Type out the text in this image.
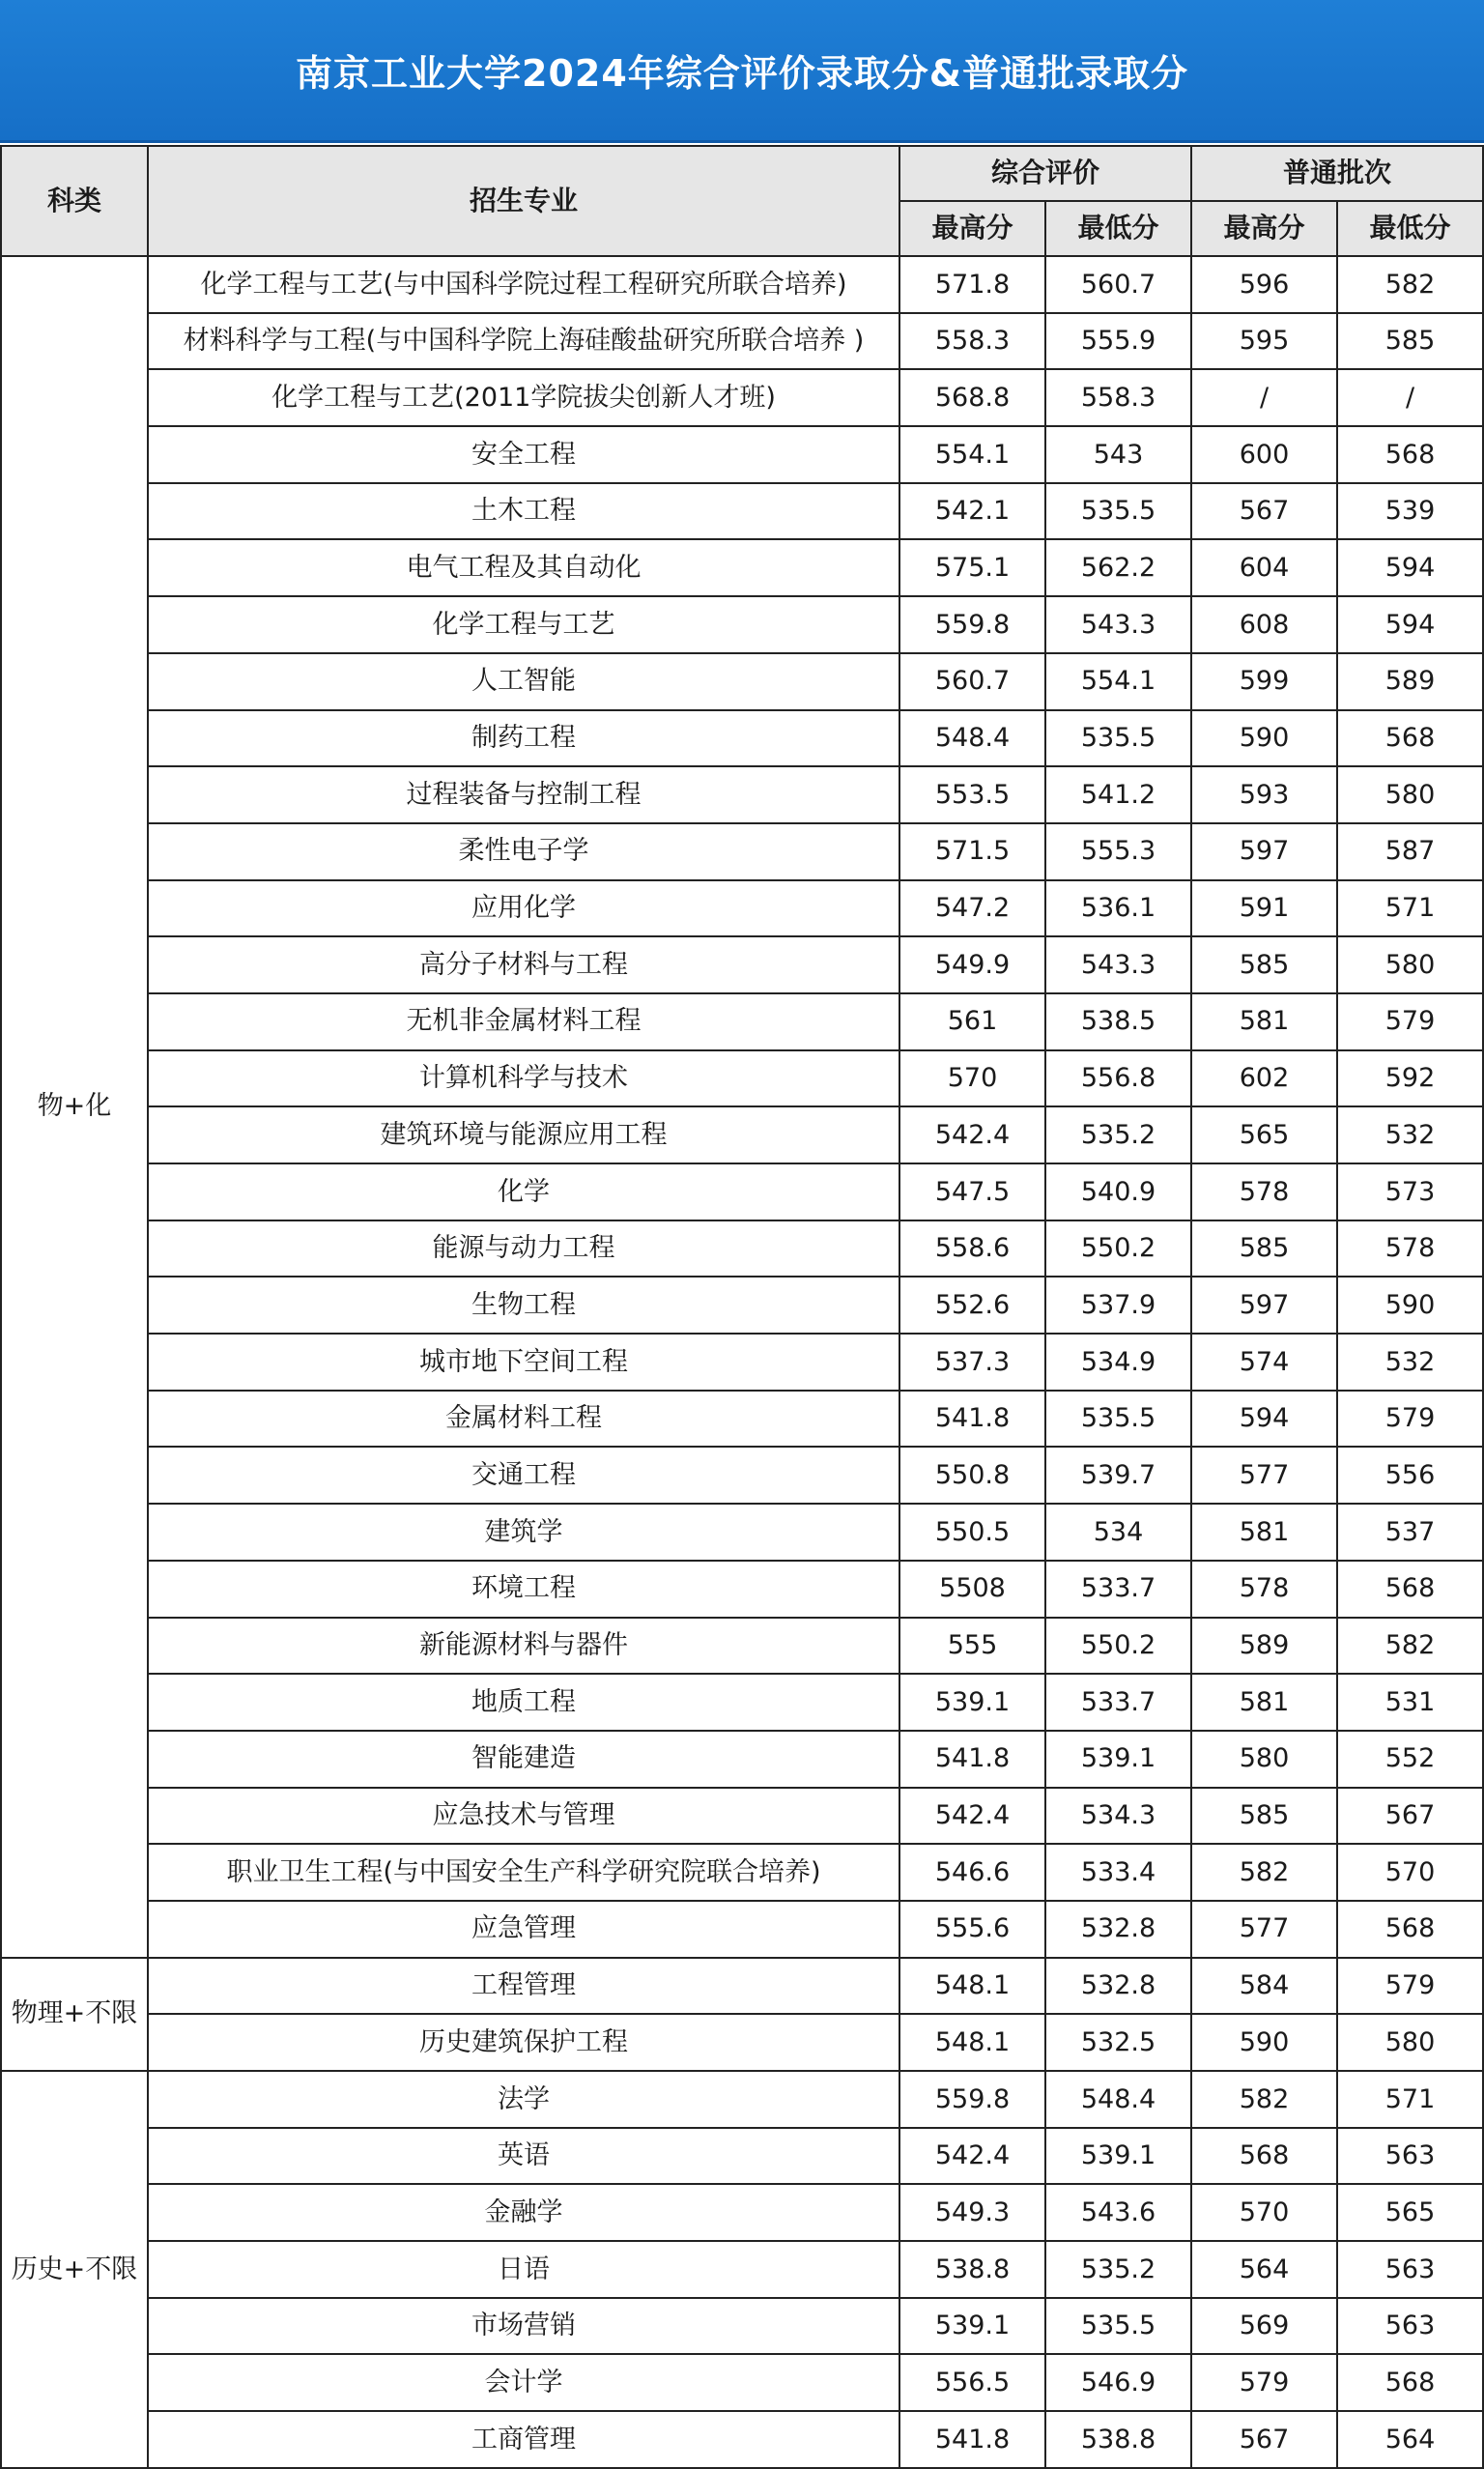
南京工业大学2024年综合评价录取分&普通批录取分
科类	招生专业	综合评价		普通批次	
		最高分	最低分	最高分	最低分
物+化	化学工程与工艺(与中国科学院过程工程研究所联合培养)	571.8	560.7	596	582
	材料科学与工程(与中国科学院上海硅酸盐研究所联合培养 )	558.3	555.9	595	585
	化学工程与工艺(2011学院拔尖创新人才班)	568.8	558.3	/	/
	安全工程	554.1	543	600	568
	土木工程	542.1	535.5	567	539
	电气工程及其自动化	575.1	562.2	604	594
	化学工程与工艺	559.8	543.3	608	594
	人工智能	560.7	554.1	599	589
	制药工程	548.4	535.5	590	568
	过程装备与控制工程	553.5	541.2	593	580
	柔性电子学	571.5	555.3	597	587
	应用化学	547.2	536.1	591	571
	高分子材料与工程	549.9	543.3	585	580
	无机非金属材料工程	561	538.5	581	579
	计算机科学与技术	570	556.8	602	592
	建筑环境与能源应用工程	542.4	535.2	565	532
	化学	547.5	540.9	578	573
	能源与动力工程	558.6	550.2	585	578
	生物工程	552.6	537.9	597	590
	城市地下空间工程	537.3	534.9	574	532
	金属材料工程	541.8	535.5	594	579
	交通工程	550.8	539.7	577	556
	建筑学	550.5	534	581	537
	环境工程	5508	533.7	578	568
	新能源材料与器件	555	550.2	589	582
	地质工程	539.1	533.7	581	531
	智能建造	541.8	539.1	580	552
	应急技术与管理	542.4	534.3	585	567
	职业卫生工程(与中国安全生产科学研究院联合培养)	546.6	533.4	582	570
	应急管理	555.6	532.8	577	568
物理+不限	工程管理	548.1	532.8	584	579
	历史建筑保护工程	548.1	532.5	590	580
历史+不限	法学	559.8	548.4	582	571
	英语	542.4	539.1	568	563
	金融学	549.3	543.6	570	565
	日语	538.8	535.2	564	563
	市场营销	539.1	535.5	569	563
	会计学	556.5	546.9	579	568
	工商管理	541.8	538.8	567	564
